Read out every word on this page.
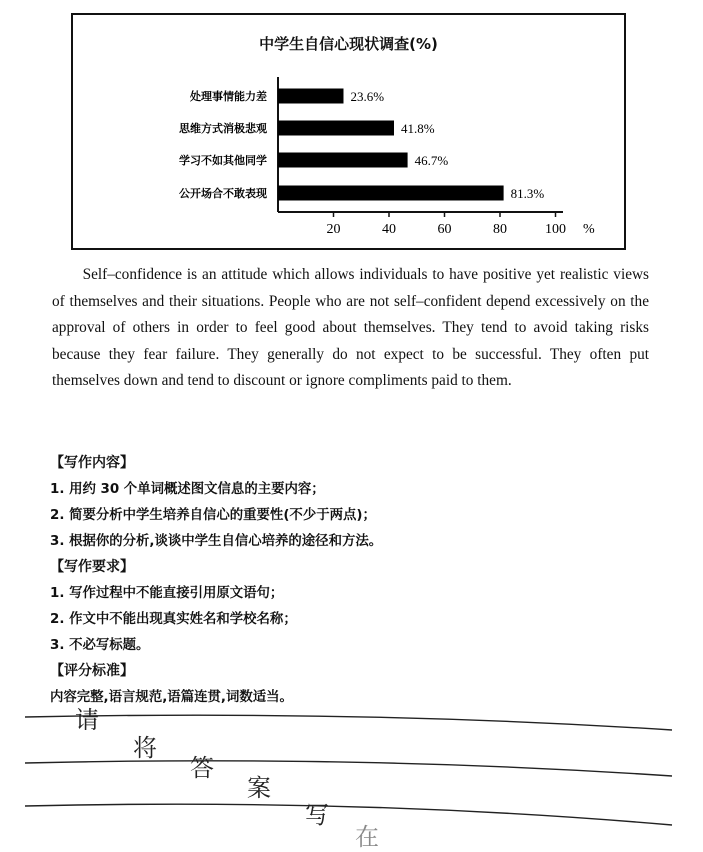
中学生自信心现状调查(%)
处理事情能力差
思维方式消极悲观
学习不如其他同学
公开场合不敢表现
23.6%
41.8%
46.7%
81.3%
20	40	60	80	100 %
Self–confidence is an attitude which allows individuals to have positive yet realistic views of themselves and their situations. People who are not self–confident depend excessively on the approval of others in order to feel good about themselves. They tend to avoid taking risks because they fear failure. They generally do not expect to be successful. They often put themselves down and tend to discount or ignore compliments paid to them.
【写作内容】
1. 用约 30 个单词概述图文信息的主要内容；
2. 简要分析中学生培养自信心的重要性(不少于两点)；
3. 根据你的分析,谈谈中学生自信心培养的途径和方法。
【写作要求】
1. 写作过程中不能直接引用原文语句；
2. 作文中不能出现真实姓名和学校名称；
3. 不必写标题。
【评分标准】
内容完整,语言规范,语篇连贯,词数适当。
请
将
答
案
写
在
